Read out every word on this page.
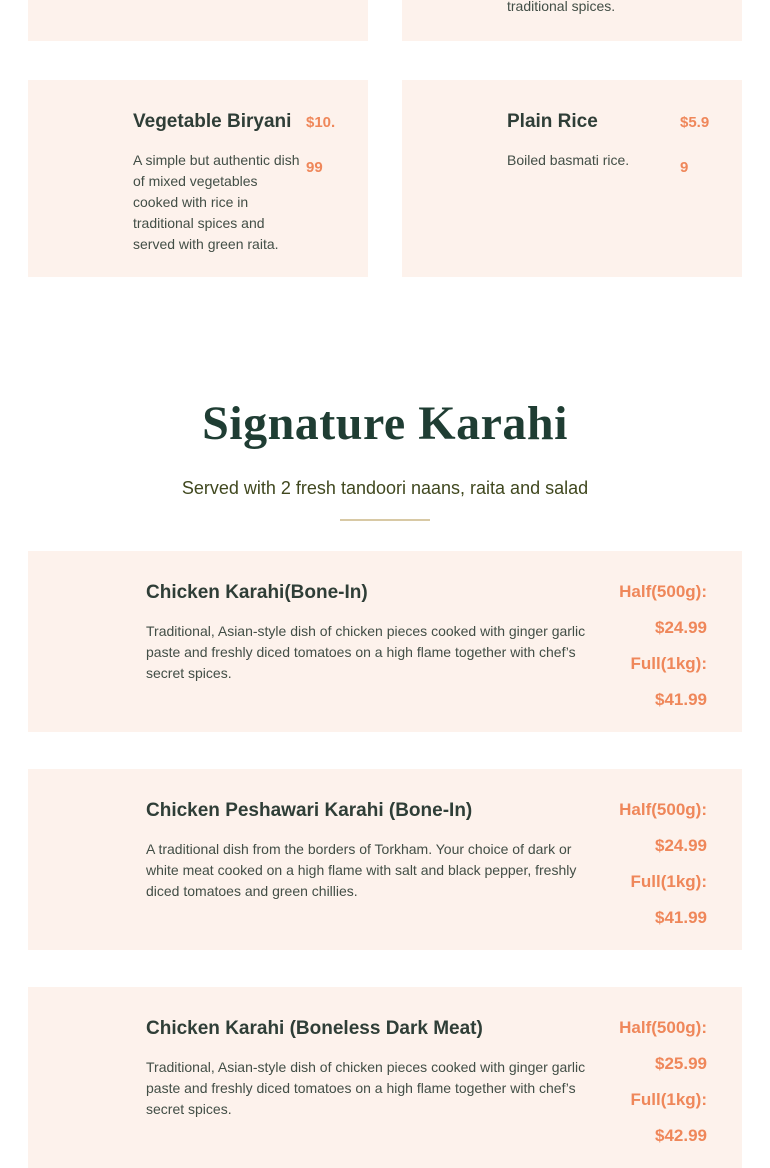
traditional spices.

Vegetable Biryani

A simple but authentic dish of mixed vegetables cooked with rice in traditional spices and served with green raita.

$10.99
Plain Rice

Boiled basmati rice.

$5.99
Signature Karahi

Served with 2 fresh tandoori naans, raita and salad

Chicken Karahi(Bone-In)

Traditional, Asian-style dish of chicken pieces cooked with ginger garlic paste and freshly diced tomatoes on a high flame together with chef’s secret spices.

Half(500g): $24.99 Full(1kg): $41.99
Chicken Peshawari Karahi (Bone-In)

A traditional dish from the borders of Torkham. Your choice of dark or white meat cooked on a high flame with salt and black pepper, freshly diced tomatoes and green chillies.

Half(500g): $24.99 Full(1kg): $41.99
Chicken Karahi (Boneless Dark Meat)

Traditional, Asian-style dish of chicken pieces cooked with ginger garlic paste and freshly diced tomatoes on a high flame together with chef’s secret spices.

Half(500g): $25.99 Full(1kg): $42.99
